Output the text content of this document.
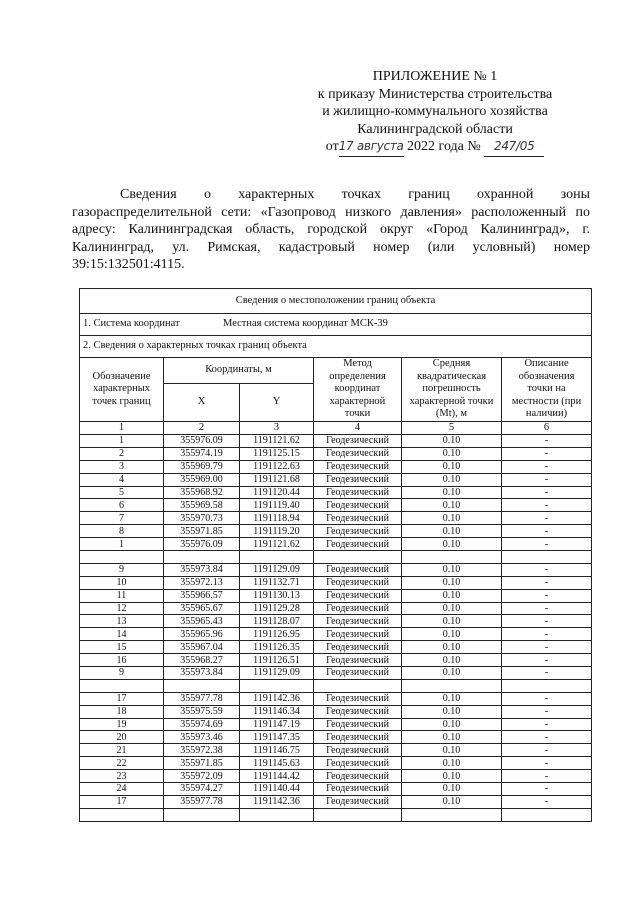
ПРИЛОЖЕНИЕ № 1
к приказу Министерства строительства
и жилищно-коммунального хозяйства
Калининградской области
от17 августа 2022 года № 247/05

Сведения о характерных точках границ охранной зоны газораспределительной сети: «Газопровод низкого давления» расположенный по адресу: Калининградская область, городской округ «Город Калининград», г. Калининград, ул. Римская, кадастровый номер (или условный) номер 39:15:132501:4115.

Сведения о местоположении границ объекта					
1. Система координат Местная система координат МСК-39					
2. Сведения о характерных точках границ объекта					
Обозначение характерных точек границ	Координаты, м		Метод определения координат характерной точки	Средняя квадратическая погрешность характерной точки (Mt), м	Описание обозначения точки на местности (при наличии)
	X	Y			
1	2	3	4	5	6
1	355976.09	1191121.62	Геодезический	0.10	-
2	355974.19	1191125.15	Геодезический	0.10	-
3	355969.79	1191122.63	Геодезический	0.10	-
4	355969.00	1191121.68	Геодезический	0.10	-
5	355968.92	1191120.44	Геодезический	0.10	-
6	355969.58	1191119.40	Геодезический	0.10	-
7	355970.73	1191118.94	Геодезический	0.10	-
8	355971.85	1191119.20	Геодезический	0.10	-
1	355976.09	1191121.62	Геодезический	0.10	-

9	355973.84	1191129.09	Геодезический	0.10	-
10	355972.13	1191132.71	Геодезический	0.10	-
11	355966.57	1191130.13	Геодезический	0.10	-
12	355965.67	1191129.28	Геодезический	0.10	-
13	355965.43	1191128.07	Геодезический	0.10	-
14	355965.96	1191126.95	Геодезический	0.10	-
15	355967.04	1191126.35	Геодезический	0.10	-
16	355968.27	1191126.51	Геодезический	0.10	-
9	355973.84	1191129.09	Геодезический	0.10	-

17	355977.78	1191142.36	Геодезический	0.10	-
18	355975.59	1191146.34	Геодезический	0.10	-
19	355974.69	1191147.19	Геодезический	0.10	-
20	355973.46	1191147.35	Геодезический	0.10	-
21	355972.38	1191146.75	Геодезический	0.10	-
22	355971.85	1191145.63	Геодезический	0.10	-
23	355972.09	1191144.42	Геодезический	0.10	-
24	355974.27	1191140.44	Геодезический	0.10	-
17	355977.78	1191142.36	Геодезический	0.10	-
